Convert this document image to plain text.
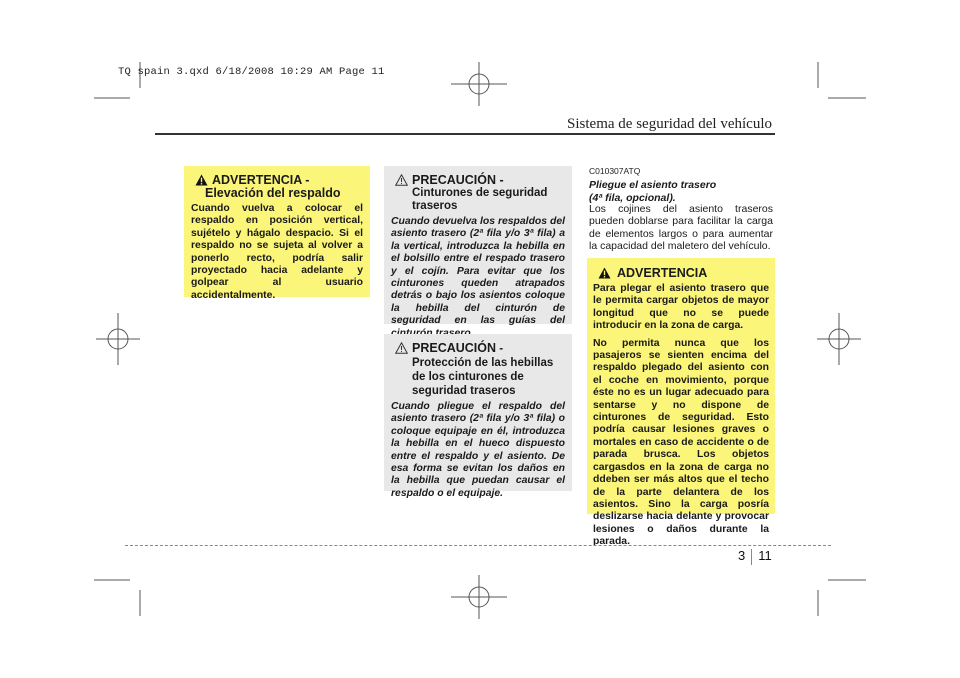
TQ spain 3.qxd 6/18/2008 10:29 AM Page 11
Sistema de seguridad del vehículo
ADVERTENCIA -
Elevación del respaldo
Cuando vuelva a colocar el respaldo en posición vertical, sujételo y hágalo despacio. Si el respaldo no se sujeta al volver a ponerlo recto, podría salir proyectado hacia adelante y golpear al usuario accidentalmente.
PRECAUCIÓN -
Cinturones de seguridad traseros
Cuando devuelva los respaldos del asiento trasero (2ª fila y/o 3ª fila) a la vertical, introduzca la hebilla en el bolsillo entre el respado trasero y el cojín. Para evitar que los cinturones queden atrapados detrás o bajo los asientos coloque la hebilla del cinturón de seguridad en las guías del
PRECAUCIÓN - Protección de las hebillas de los cinturones de seguridad traseros
Cuando pliegue el respaldo del asiento trasero (2ª fila y/o 3ª fila) o coloque equipaje en él, introduzca la hebilla en el hueco dispuesto entre el respaldo y el asiento. De esa forma se evitan los daños en la hebilla que puedan causar el respaldo o el equipaje.
C010307ATQ
Pliegue el asiento trasero
(4ª fila, opcional).
Los cojines del asiento traseros pueden doblarse para facilitar la carga de elementos largos o para aumentar la capacidad del maletero del vehículo.
ADVERTENCIA

Para plegar el asiento trasero que le permita cargar objetos de mayor longitud que no se puede introducir en la zona de carga.

No permita nunca que los pasajeros se sienten encima del respaldo plegado del asiento con el coche en movimiento, porque éste no es un lugar adecuado para sentarse y no dispone de cinturones de seguridad. Esto podría causar lesiones graves o mortales en caso de accidente o de parada brusca. Los objetos cargasdos en la zona de carga no ddeben ser más altos que el techo de la parte delantera de los asientos. Sino la carga posría deslizarse hacia delante y provocar lesiones o daños durante la parada.

3 11
